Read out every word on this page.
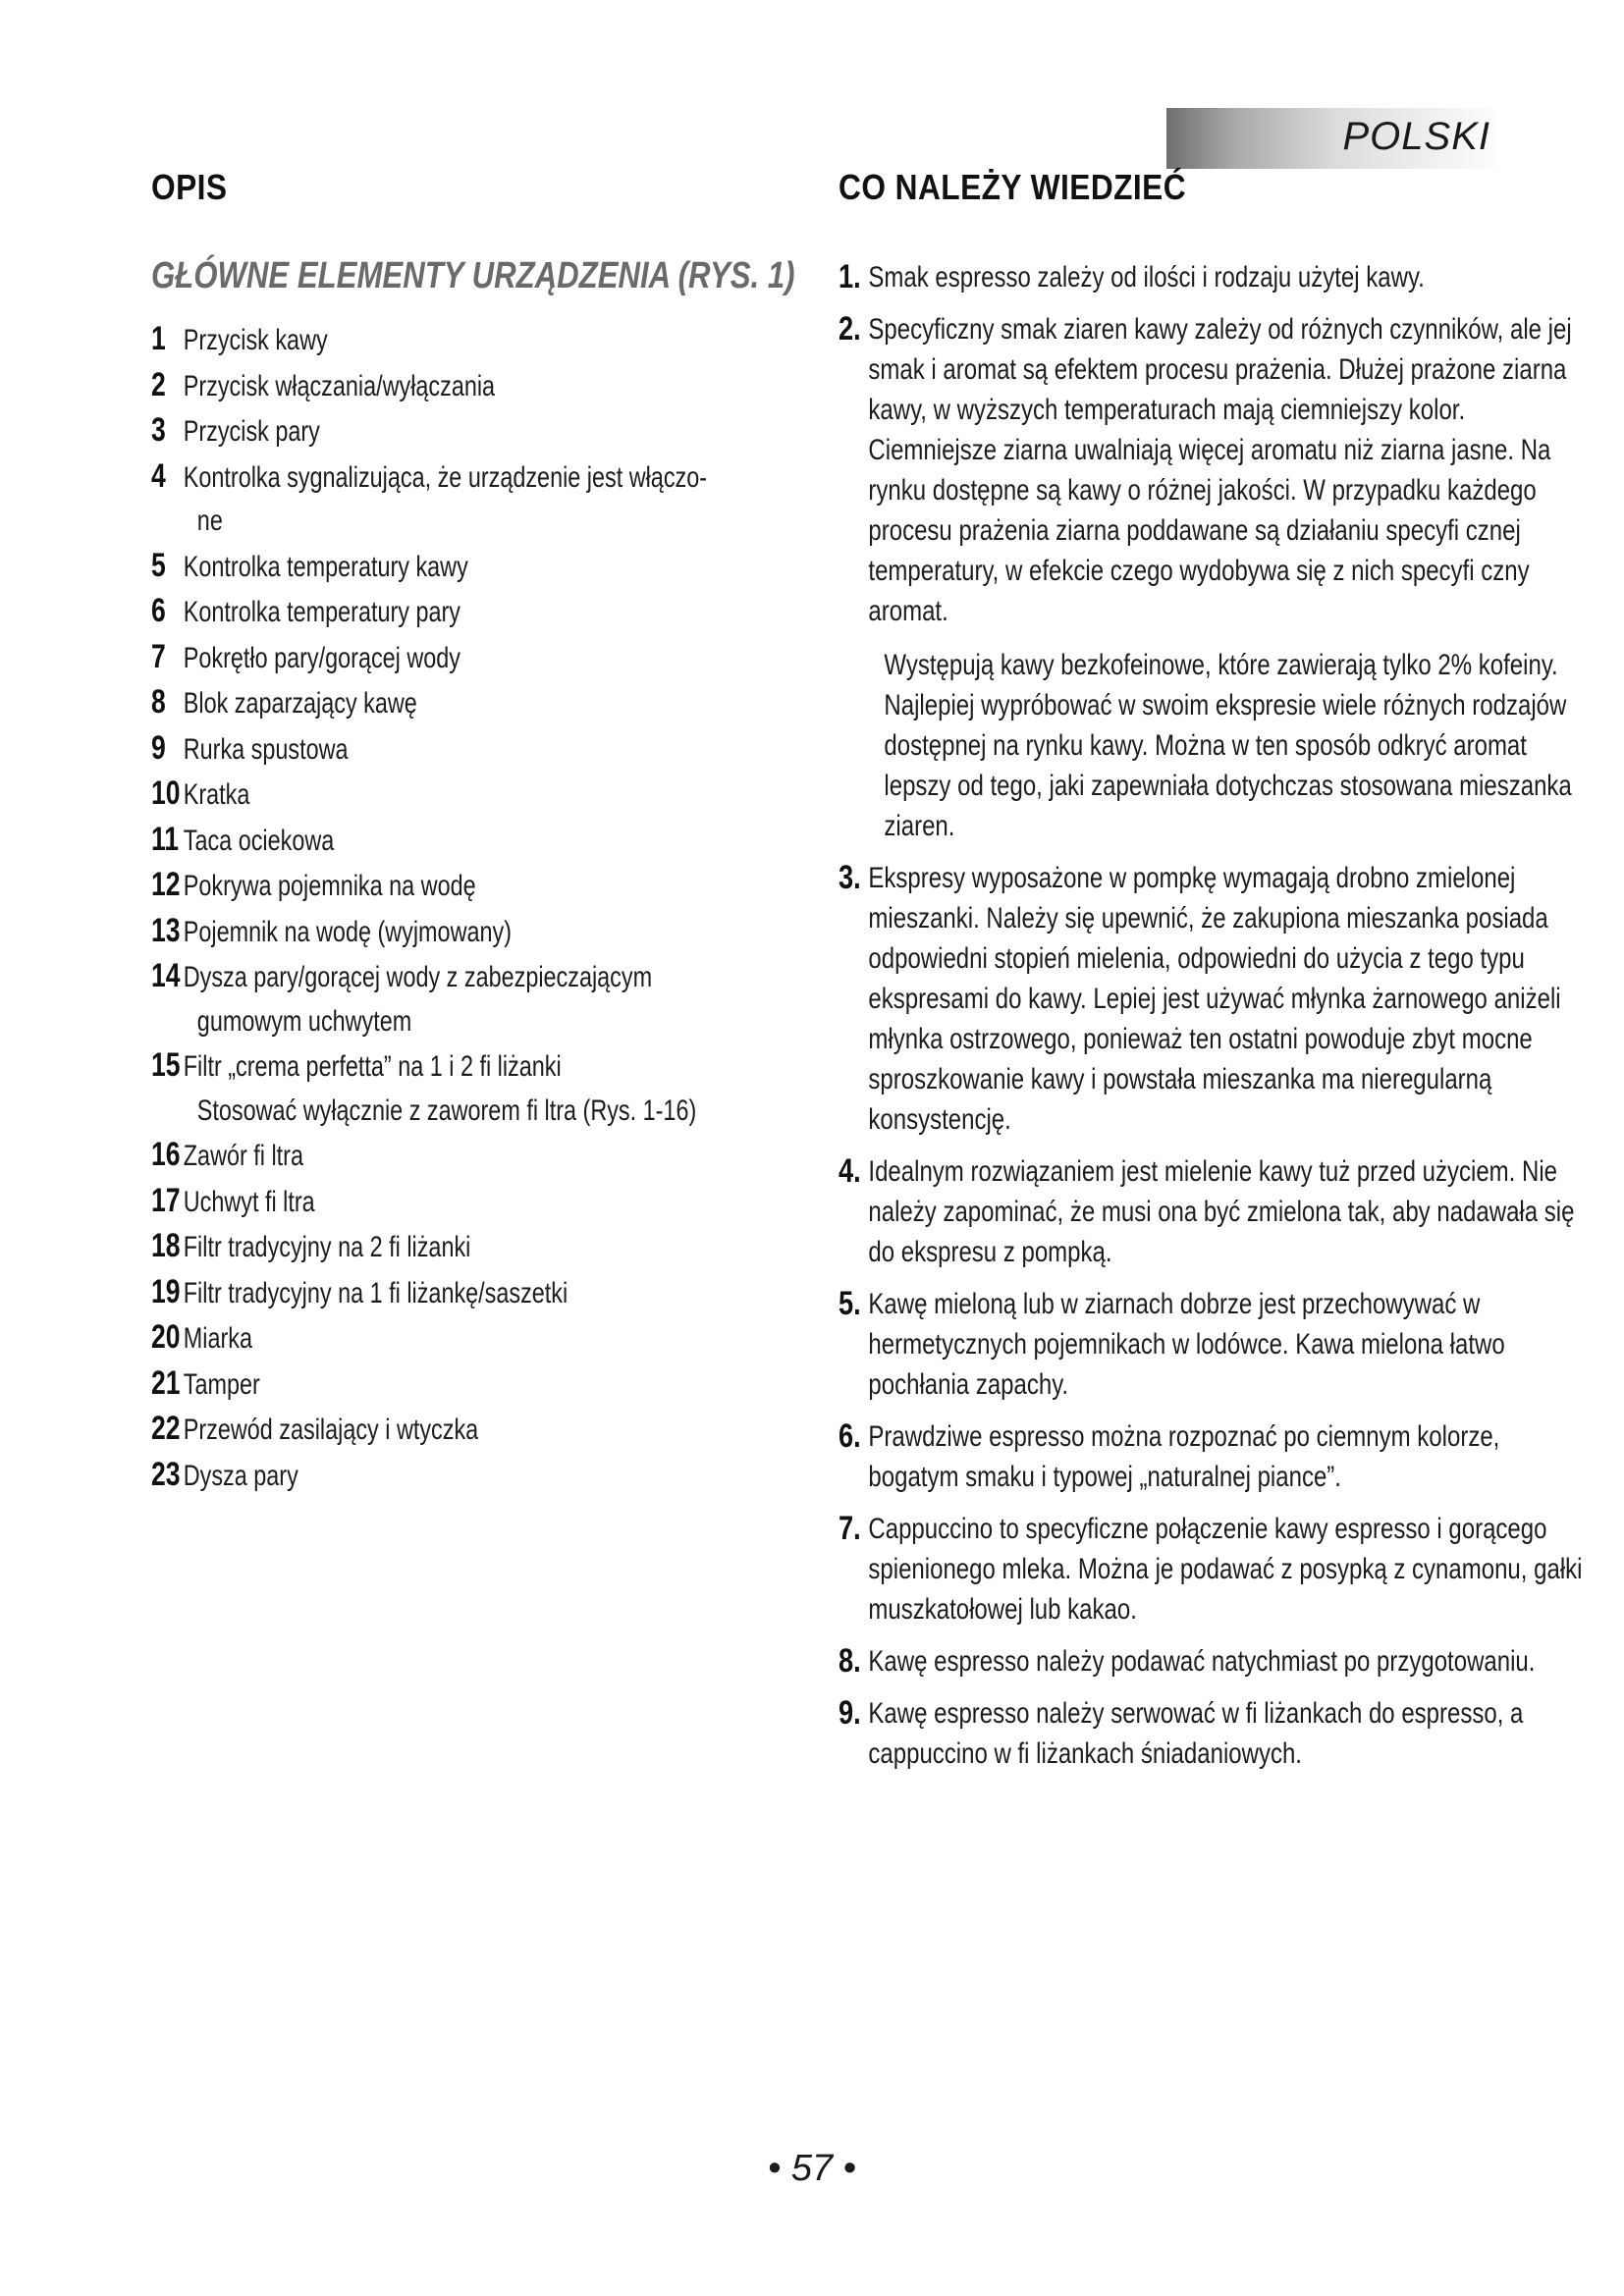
POLSKI
OPIS
GŁÓWNE ELEMENTY URZĄDZENIA (RYS. 1)
1 Przycisk kawy
2 Przycisk włączania/wyłączania
3 Przycisk pary
4 Kontrolka sygnalizująca, że urządzenie jest włączo-
ne
5 Kontrolka temperatury kawy
6 Kontrolka temperatury pary
7 Pokrętło pary/gorącej wody
8 Blok zaparzający kawę
9 Rurka spustowa
10 Kratka
11 Taca ociekowa
12 Pokrywa pojemnika na wodę
13 Pojemnik na wodę (wyjmowany)
14 Dysza pary/gorącej wody z zabezpieczającym
gumowym uchwytem
15 Filtr „crema perfetta” na 1 i 2 fi liżanki
Stosować wyłącznie z zaworem fi ltra (Rys. 1-16)
16 Zawór fi ltra
17 Uchwyt fi ltra
18 Filtr tradycyjny na 2 fi liżanki
19 Filtr tradycyjny na 1 fi liżankę/saszetki
20 Miarka
21 Tamper
22 Przewód zasilający i wtyczka
23 Dysza pary
CO NALEŻY WIEDZIEĆ
1. Smak espresso zależy od ilości i rodzaju użytej kawy.

2. Specyficzny smak ziaren kawy zależy od różnych czynników, ale jej smak i aromat są efektem procesu prażenia. Dłużej prażone ziarna kawy, w wyższych temperaturach mają ciemniejszy kolor. Ciemniejsze ziarna uwalniają więcej aromatu niż ziarna jasne. Na rynku dostępne są kawy o różnej jakości. W przypadku każdego procesu prażenia ziarna poddawane są działaniu specyfi cznej temperatury, w efekcie czego wydobywa się z nich specyfi czny aromat.

Występują kawy bezkofeinowe, które zawierają tylko 2% kofeiny. Najlepiej wypróbować w swoim ekspresie wiele różnych rodzajów dostępnej na rynku kawy. Można w ten sposób odkryć aromat lepszy od tego, jaki zapewniała dotychczas stosowana mieszanka ziaren.

3. Ekspresy wyposażone w pompkę wymagają drobno zmielonej mieszanki. Należy się upewnić, że zakupiona mieszanka posiada odpowiedni stopień mielenia, odpowiedni do użycia z tego typu ekspresami do kawy. Lepiej jest używać młynka żarnowego aniżeli młynka ostrzowego, ponieważ ten ostatni powoduje zbyt mocne sproszkowanie kawy i powstała mieszanka ma nieregularną konsystencję.

4. Idealnym rozwiązaniem jest mielenie kawy tuż przed użyciem. Nie należy zapominać, że musi ona być zmielona tak, aby nadawała się do ekspresu z pompką.

5. Kawę mieloną lub w ziarnach dobrze jest przechowywać w hermetycznych pojemnikach w lodówce. Kawa mielona łatwo pochłania zapachy.

6. Prawdziwe espresso można rozpoznać po ciemnym kolorze, bogatym smaku i typowej „naturalnej piance”.

7. Cappuccino to specyficzne połączenie kawy espresso i gorącego spienionego mleka. Można je podawać z posypką z cynamonu, gałki muszkatołowej lub kakao.

8. Kawę espresso należy podawać natychmiast po przygotowaniu.

9. Kawę espresso należy serwować w fi liżankach do espresso, a cappuccino w fi liżankach śniadaniowych.

• 57 •
